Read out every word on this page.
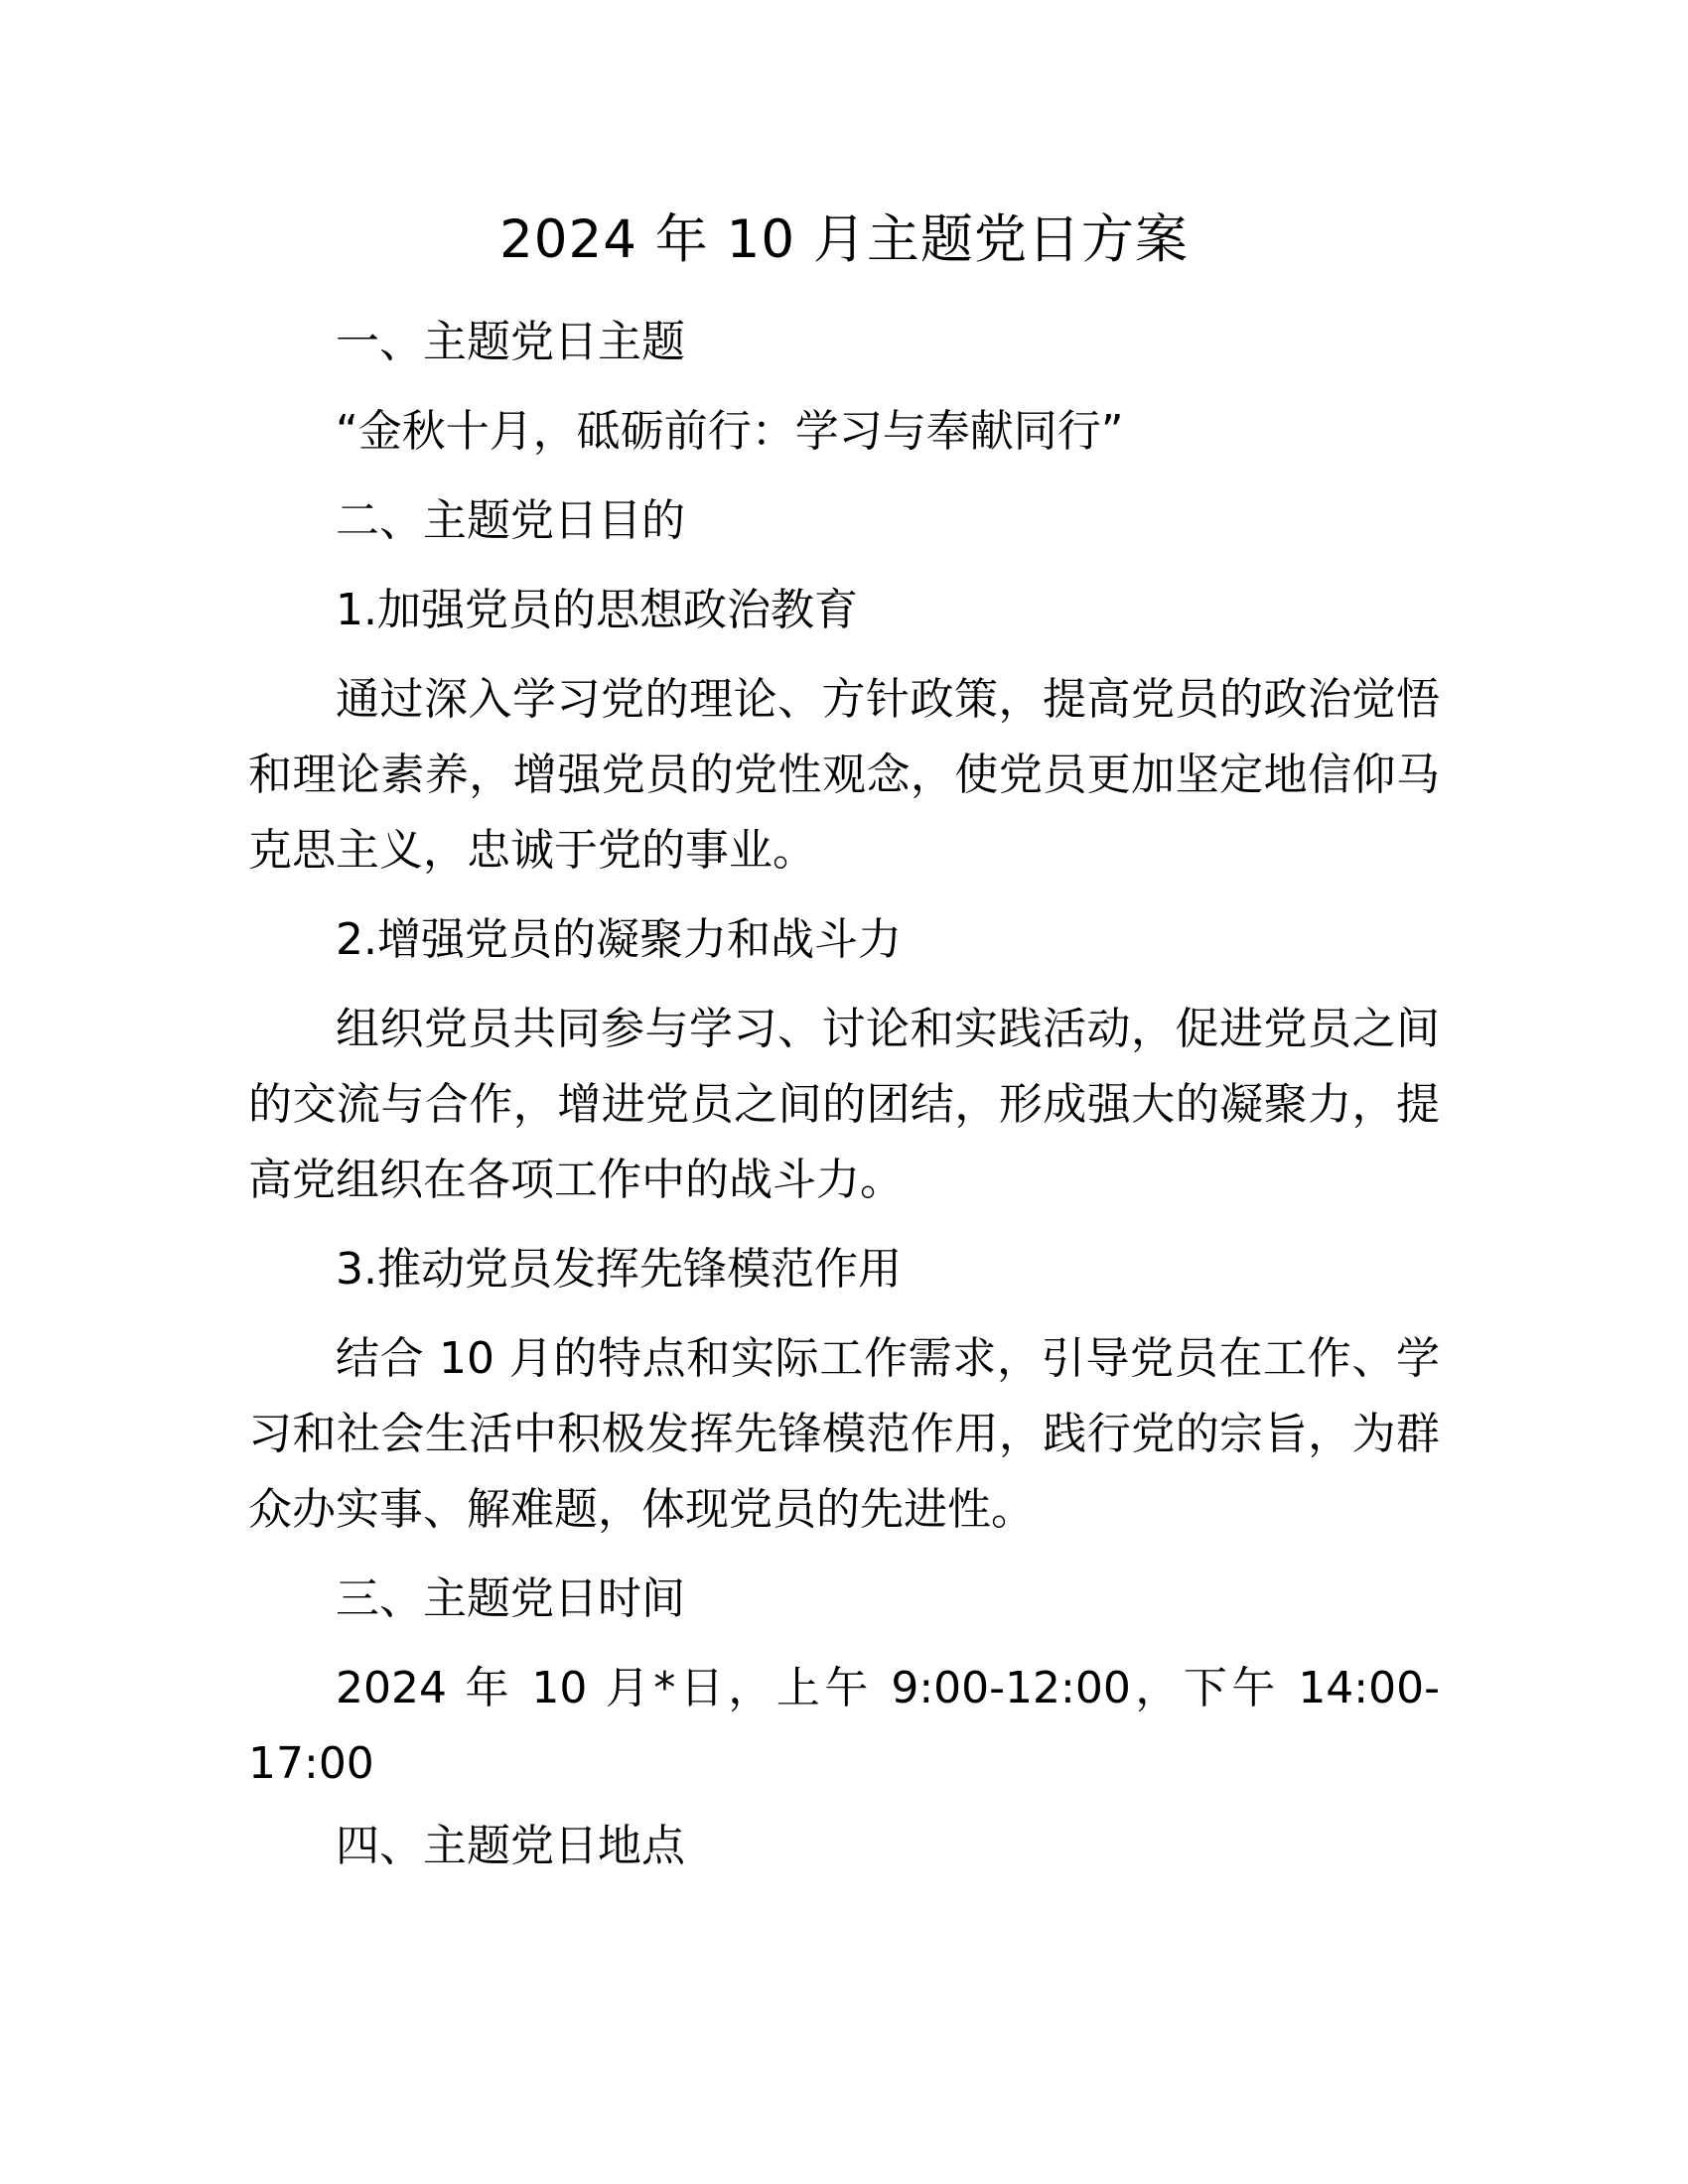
2024 年 10 月主题党日方案

一、主题党日主题

“金秋十月，砥砺前行：学习与奉献同行”

二、主题党日目的

1.加强党员的思想政治教育

通过深入学习党的理论、方针政策，提高党员的政治觉悟和理论素养，增强党员的党性观念，使党员更加坚定地信仰马克思主义，忠诚于党的事业。

2.增强党员的凝聚力和战斗力

组织党员共同参与学习、讨论和实践活动，促进党员之间的交流与合作，增进党员之间的团结，形成强大的凝聚力，提高党组织在各项工作中的战斗力。

3.推动党员发挥先锋模范作用

结合 10 月的特点和实际工作需求，引导党员在工作、学习和社会生活中积极发挥先锋模范作用，践行党的宗旨，为群众办实事、解难题，体现党员的先进性。

三、主题党日时间

2024 年 10 月*日，上午 9:00-12:00，下午 14:00-17:00

四、主题党日地点
